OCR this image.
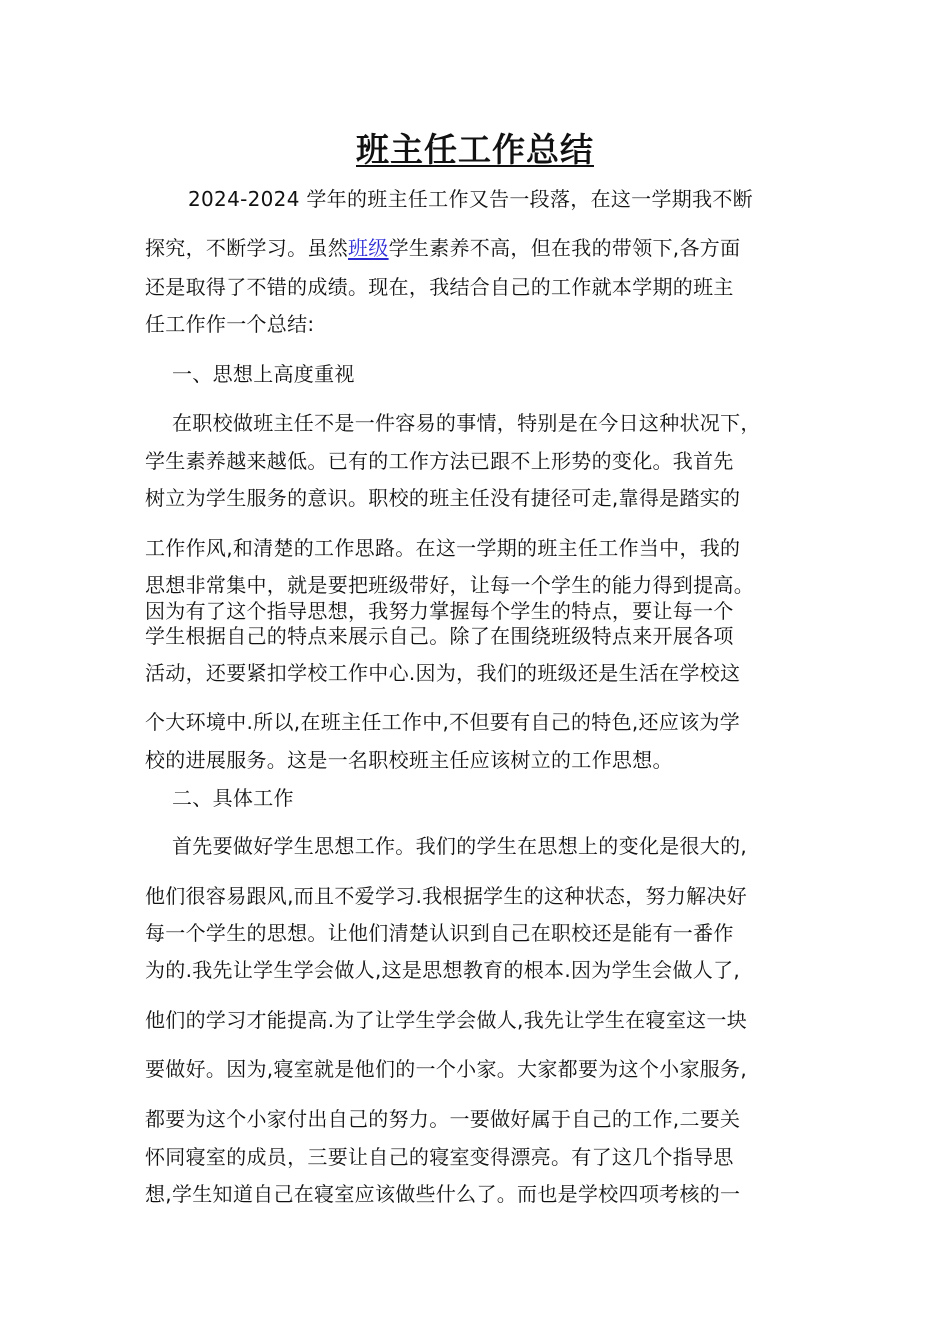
班主任工作总结
2024-2024 学年的班主任工作又告一段落，在这一学期我不断
探究，不断学习。虽然班级学生素养不高，但在我的带领下,各方面
还是取得了不错的成绩。现在，我结合自己的工作就本学期的班主
任工作作一个总结:
一、思想上高度重视
在职校做班主任不是一件容易的事情，特别是在今日这种状况下，
学生素养越来越低。已有的工作方法已跟不上形势的变化。我首先
树立为学生服务的意识。职校的班主任没有捷径可走,靠得是踏实的
工作作风,和清楚的工作思路。在这一学期的班主任工作当中，我的
思想非常集中，就是要把班级带好，让每一个学生的能力得到提高。
因为有了这个指导思想，我努力掌握每个学生的特点，要让每一个
学生根据自己的特点来展示自己。除了在围绕班级特点来开展各项
活动，还要紧扣学校工作中心.因为，我们的班级还是生活在学校这
个大环境中.所以,在班主任工作中,不但要有自己的特色,还应该为学
校的进展服务。这是一名职校班主任应该树立的工作思想。
二、具体工作
首先要做好学生思想工作。我们的学生在思想上的变化是很大的,
他们很容易跟风,而且不爱学习.我根据学生的这种状态，努力解决好
每一个学生的思想。让他们清楚认识到自己在职校还是能有一番作
为的.我先让学生学会做人,这是思想教育的根本.因为学生会做人了,
他们的学习才能提高.为了让学生学会做人,我先让学生在寝室这一块
要做好。因为,寝室就是他们的一个小家。大家都要为这个小家服务,
都要为这个小家付出自己的努力。一要做好属于自己的工作,二要关
怀同寝室的成员，三要让自己的寝室变得漂亮。有了这几个指导思
想,学生知道自己在寝室应该做些什么了。而也是学校四项考核的一
